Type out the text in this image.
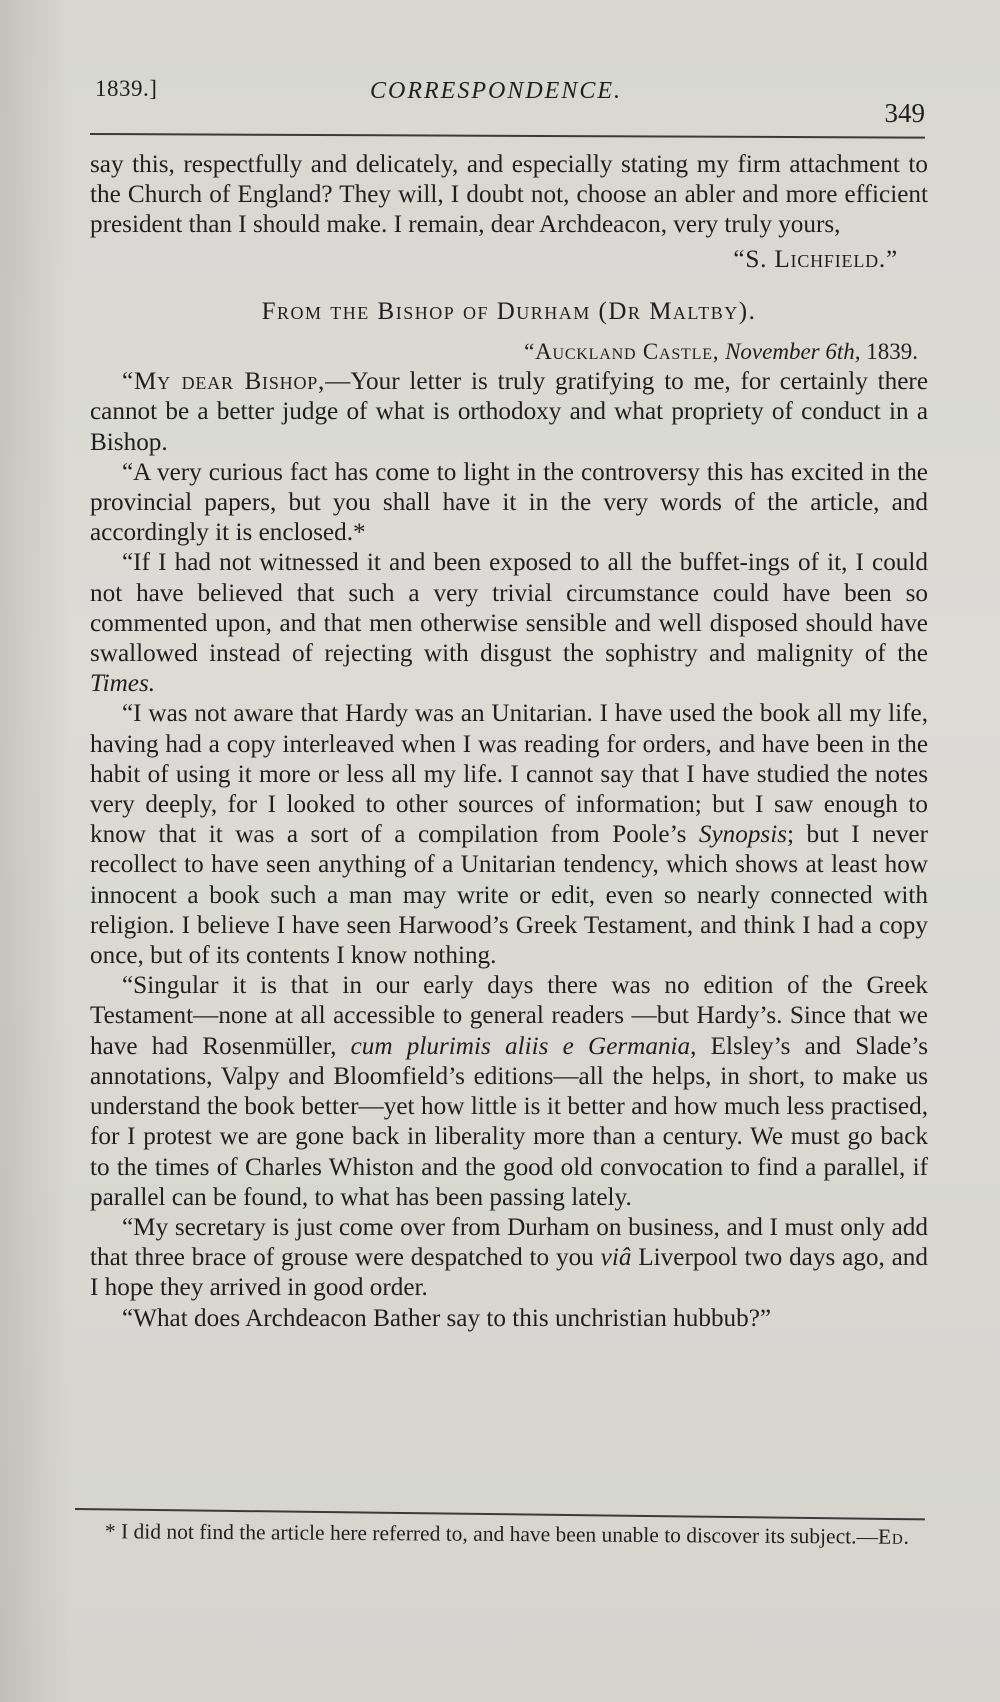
1839.]	CORRESPONDENCE.
349

say this, respectfully and delicately, and especially stating my firm attachment to the Church of England? They will, I doubt not, choose an abler and more efficient president than I should make. I remain, dear Archdeacon, very truly yours,

“S. Lichfield.”

From the Bishop of Durham (Dr Maltby).

“Auckland Castle, November 6th, 1839.

“My dear Bishop,—Your letter is truly gratifying to me, for certainly there cannot be a better judge of what is orthodoxy and what propriety of conduct in a Bishop.

“A very curious fact has come to light in the controversy this has excited in the provincial papers, but you shall have it in the very words of the article, and accordingly it is enclosed.*

“If I had not witnessed it and been exposed to all the buffet-ings of it, I could not have believed that such a very trivial circumstance could have been so commented upon, and that men otherwise sensible and well disposed should have swallowed instead of rejecting with disgust the sophistry and malignity of the Times.

“I was not aware that Hardy was an Unitarian. I have used the book all my life, having had a copy interleaved when I was reading for orders, and have been in the habit of using it more or less all my life. I cannot say that I have studied the notes very deeply, for I looked to other sources of information; but I saw enough to know that it was a sort of a compilation from Poole’s Synopsis; but I never recollect to have seen anything of a Unitarian tendency, which shows at least how innocent a book such a man may write or edit, even so nearly connected with religion. I believe I have seen Harwood’s Greek Testament, and think I had a copy once, but of its contents I know nothing.

“Singular it is that in our early days there was no edition of the Greek Testament—none at all accessible to general readers —but Hardy’s. Since that we have had Rosenmüller, cum plurimis aliis e Germania, Elsley’s and Slade’s annotations, Valpy and Bloomfield’s editions—all the helps, in short, to make us understand the book better—yet how little is it better and how much less practised, for I protest we are gone back in liberality more than a century. We must go back to the times of Charles Whiston and the good old convocation to find a parallel, if parallel can be found, to what has been passing lately.

“My secretary is just come over from Durham on business, and I must only add that three brace of grouse were despatched to you viâ Liverpool two days ago, and I hope they arrived in good order.

“What does Archdeacon Bather say to this unchristian hubbub?”

* I did not find the article here referred to, and have been unable to discover its subject.—Ed.
